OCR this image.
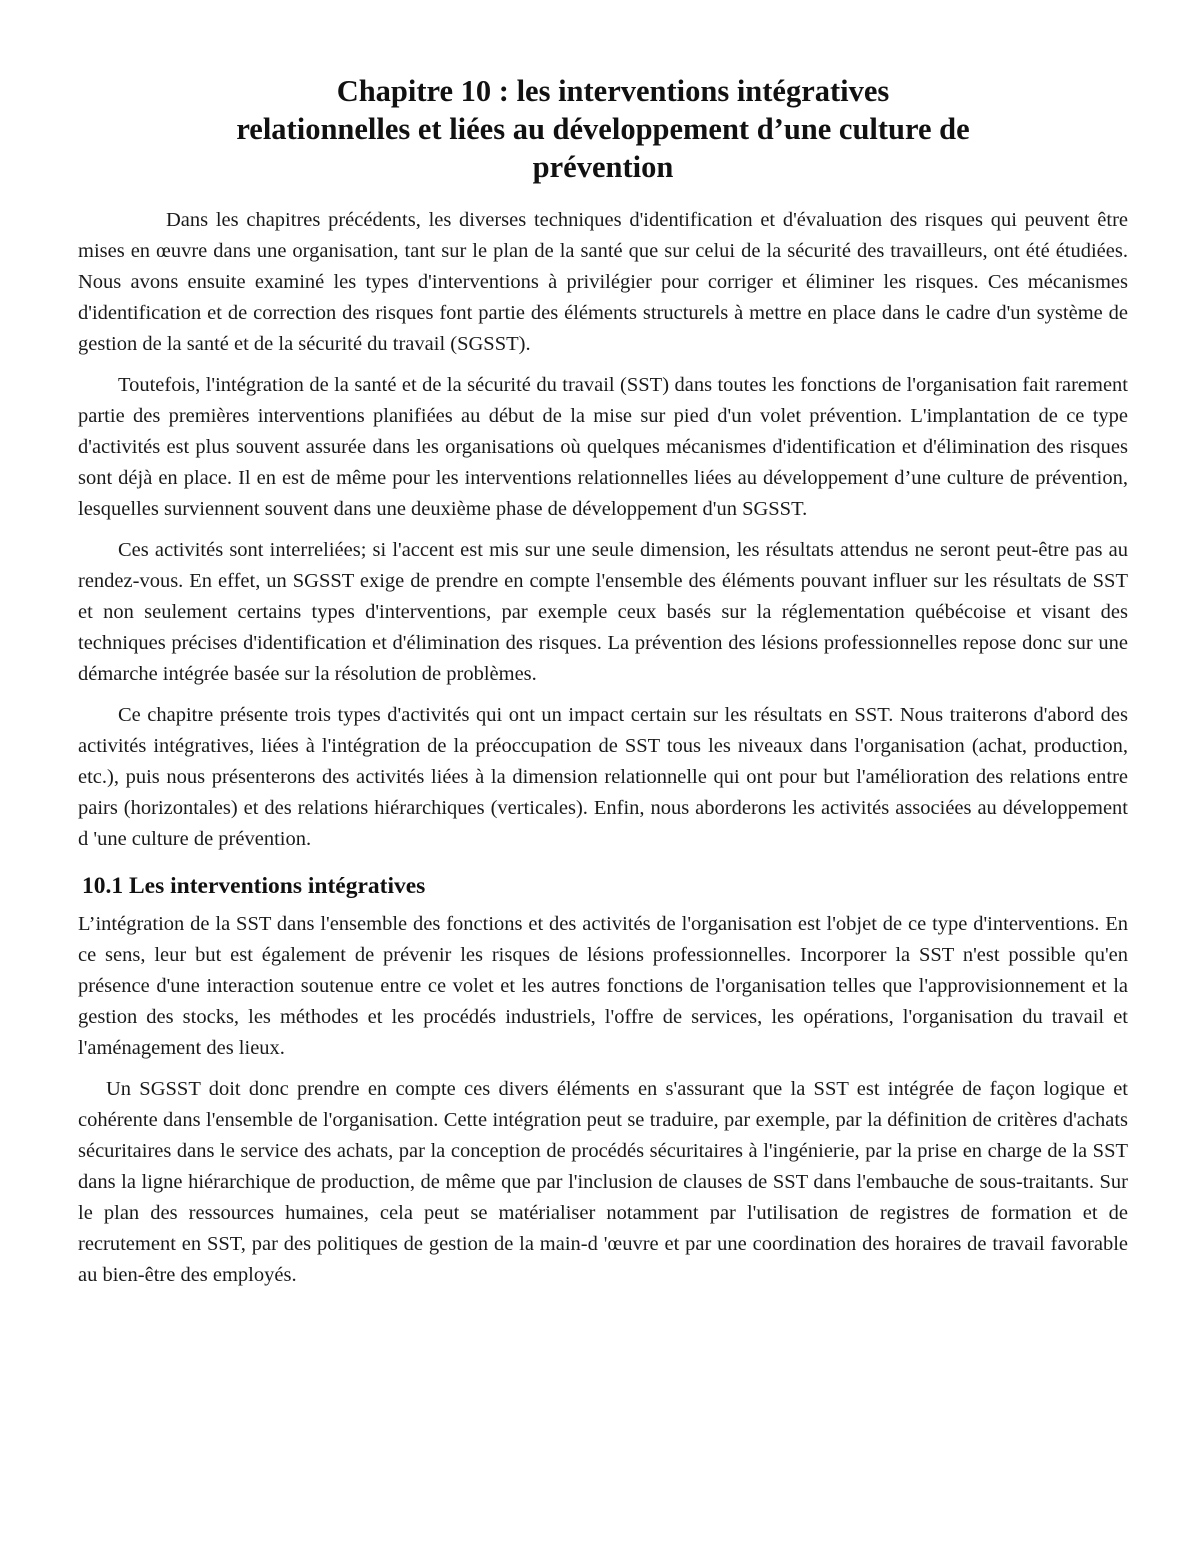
Chapitre 10 : les interventions intégratives
relationnelles et liées au développement d’une culture de
prévention

Dans les chapitres précédents, les diverses techniques d'identification et d'évaluation des risques qui peuvent être mises en œuvre dans une organisation, tant sur le plan de la santé que sur celui de la sécurité des travailleurs, ont été étudiées. Nous avons ensuite examiné les types d'interventions à privilégier pour corriger et éliminer les risques. Ces mécanismes d'identification et de correction des risques font partie des éléments structurels à mettre en place dans le cadre d'un système de gestion de la santé et de la sécurité du travail (SGSST).

Toutefois, l'intégration de la santé et de la sécurité du travail (SST) dans toutes les fonctions de l'organisation fait rarement partie des premières interventions planifiées au début de la mise sur pied d'un volet prévention. L'implantation de ce type d'activités est plus souvent assurée dans les organisations où quelques mécanismes d'identification et d'élimination des risques sont déjà en place. Il en est de même pour les interventions relationnelles liées au développement d’une culture de prévention, lesquelles surviennent souvent dans une deuxième phase de développement d'un SGSST.

Ces activités sont interreliées; si l'accent est mis sur une seule dimension, les résultats attendus ne seront peut-être pas au rendez-vous. En effet, un SGSST exige de prendre en compte l'ensemble des éléments pouvant influer sur les résultats de SST et non seulement certains types d'interventions, par exemple ceux basés sur la réglementation québécoise et visant des techniques précises d'identification et d'élimination des risques. La prévention des lésions professionnelles repose donc sur une démarche intégrée basée sur la résolution de problèmes.

Ce chapitre présente trois types d'activités qui ont un impact certain sur les résultats en SST. Nous traiterons d'abord des activités intégratives, liées à l'intégration de la préoccupation de SST tous les niveaux dans l'organisation (achat, production, etc.), puis nous présenterons des activités liées à la dimension relationnelle qui ont pour but l'amélioration des relations entre pairs (horizontales) et des relations hiérarchiques (verticales). Enfin, nous aborderons les activités associées au développement d 'une culture de prévention.

10.1 Les interventions intégratives

L’intégration de la SST dans l'ensemble des fonctions et des activités de l'organisation est l'objet de ce type d'interventions. En ce sens, leur but est également de prévenir les risques de lésions professionnelles. Incorporer la SST n'est possible qu'en présence d'une interaction soutenue entre ce volet et les autres fonctions de l'organisation telles que l'approvisionnement et la gestion des stocks, les méthodes et les procédés industriels, l'offre de services, les opérations, l'organisation du travail et l'aménagement des lieux.

Un SGSST doit donc prendre en compte ces divers éléments en s'assurant que la SST est intégrée de façon logique et cohérente dans l'ensemble de l'organisation. Cette intégration peut se traduire, par exemple, par la définition de critères d'achats sécuritaires dans le service des achats, par la conception de procédés sécuritaires à l'ingénierie, par la prise en charge de la SST dans la ligne hiérarchique de production, de même que par l'inclusion de clauses de SST dans l'embauche de sous-traitants. Sur le plan des ressources humaines, cela peut se matérialiser notamment par l'utilisation de registres de formation et de recrutement en SST, par des politiques de gestion de la main-d 'œuvre et par une coordination des horaires de travail favorable au bien-être des employés.
